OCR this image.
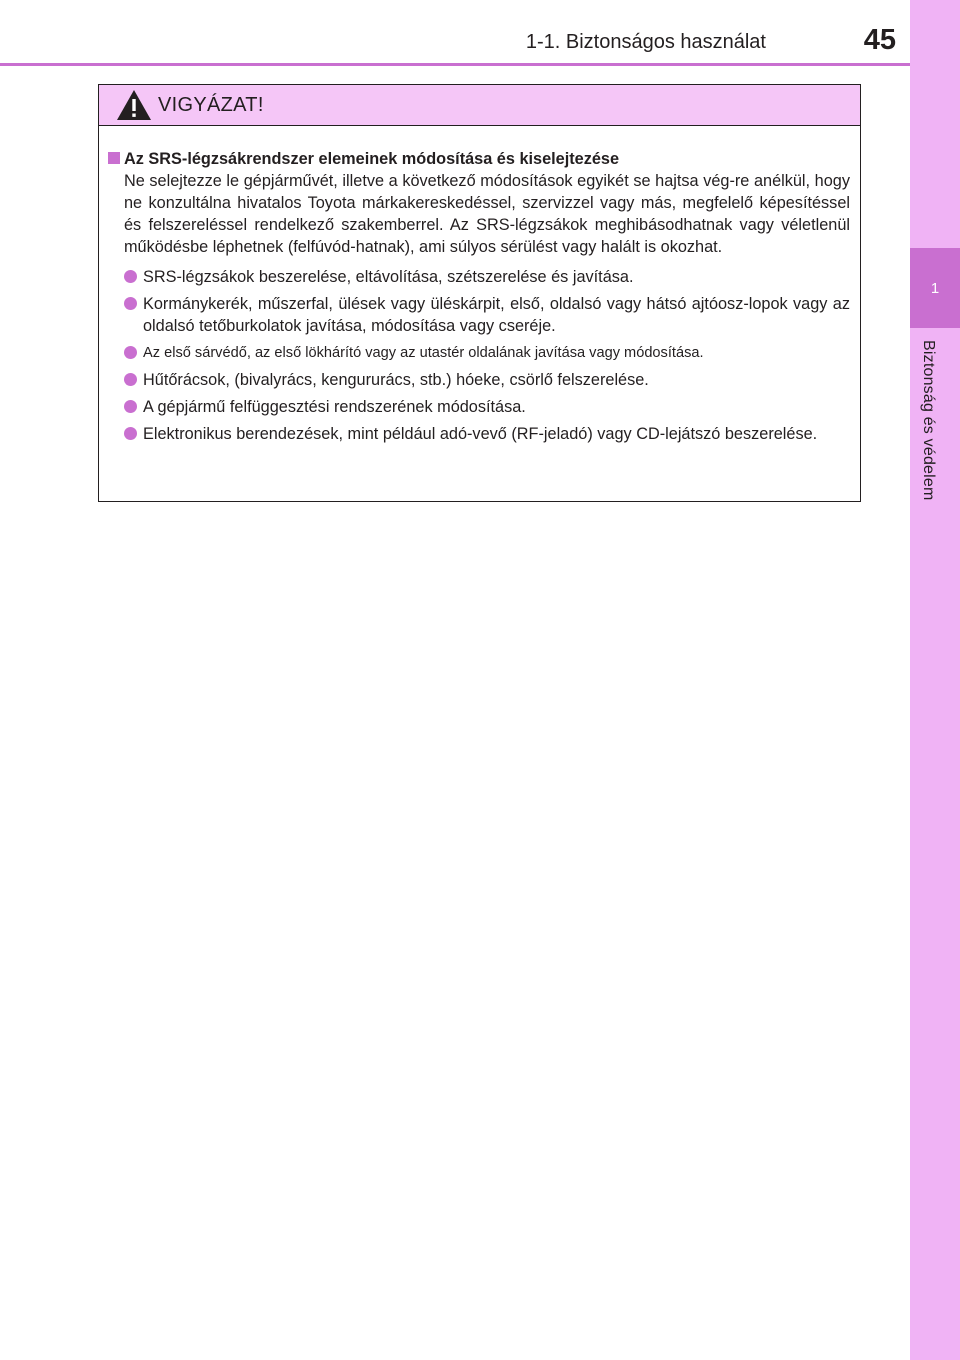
1-1. Biztonságos használat	45
1
Biztonság és védelem
VIGYÁZAT!
Az SRS-légzsákrendszer elemeinek módosítása és kiselejtezése

Ne selejtezze le gépjárművét, illetve a következő módosítások egyikét se hajtsa vég-re anélkül, hogy ne konzultálna hivatalos Toyota márkakereskedéssel, szervizzel vagy más, megfelelő képesítéssel és felszereléssel rendelkező szakemberrel. Az SRS-légzsákok meghibásodhatnak vagy véletlenül működésbe léphetnek (felfúvód-hatnak), ami súlyos sérülést vagy halált is okozhat.

SRS-légzsákok beszerelése, eltávolítása, szétszerelése és javítása.
Kormánykerék, műszerfal, ülések vagy üléskárpit, első, oldalsó vagy hátsó ajtóosz-lopok vagy az oldalsó tetőburkolatok javítása, módosítása vagy cseréje.
Az első sárvédő, az első lökhárító vagy az utastér oldalának javítása vagy módosítása.
Hűtőrácsok, (bivalyrács, kengururács, stb.) hóeke, csörlő felszerelése.
A gépjármű felfüggesztési rendszerének módosítása.
Elektronikus berendezések, mint például adó-vevő (RF-jeladó) vagy CD-lejátszó beszerelése.
